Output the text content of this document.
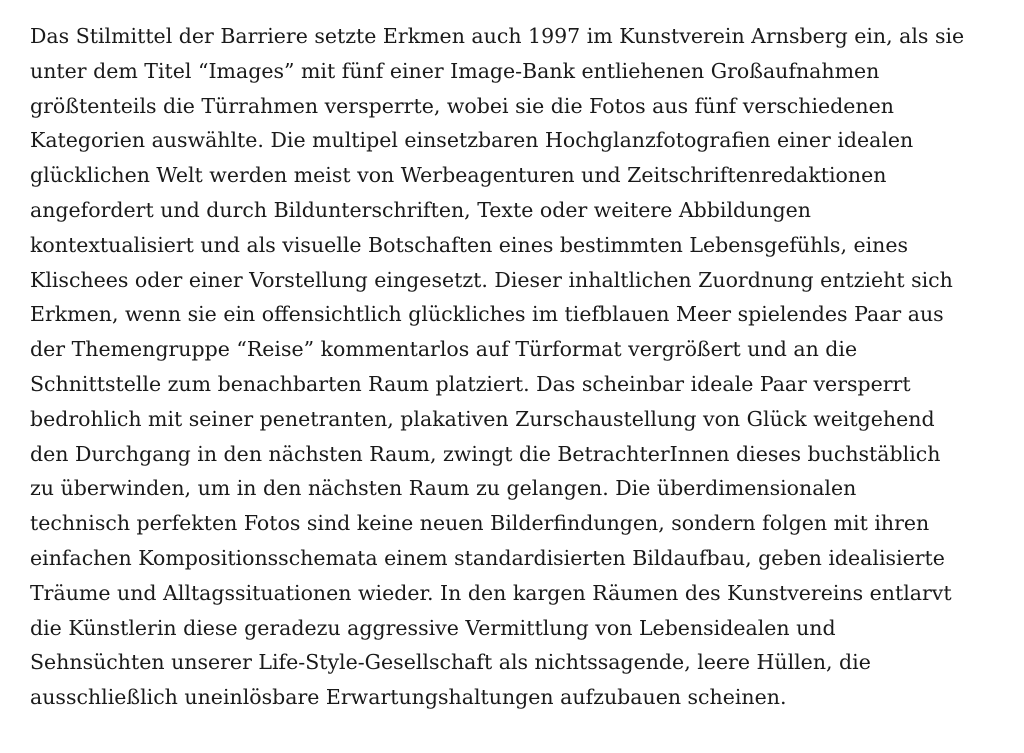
Das Stilmittel der Barriere setzte Erkmen auch 1997 im Kunstverein Arnsberg ein, als sie
unter dem Titel “Images” mit fünf einer Image-Bank entliehenen Großaufnahmen
größtenteils die Türrahmen versperrte, wobei sie die Fotos aus fünf verschiedenen
Kategorien auswählte. Die multipel einsetzbaren Hochglanzfotografien einer idealen
glücklichen Welt werden meist von Werbeagenturen und Zeitschriftenredaktionen
angefordert und durch Bildunterschriften, Texte oder weitere Abbildungen
kontextualisiert und als visuelle Botschaften eines bestimmten Lebensgefühls, eines
Klischees oder einer Vorstellung eingesetzt. Dieser inhaltlichen Zuordnung entzieht sich
Erkmen, wenn sie ein offensichtlich glückliches im tiefblauen Meer spielendes Paar aus
der Themengruppe “Reise” kommentarlos auf Türformat vergrößert und an die
Schnittstelle zum benachbarten Raum platziert. Das scheinbar ideale Paar versperrt
bedrohlich mit seiner penetranten, plakativen Zurschaustellung von Glück weitgehend
den Durchgang in den nächsten Raum, zwingt die BetrachterInnen dieses buchstäblich
zu überwinden, um in den nächsten Raum zu gelangen. Die überdimensionalen
technisch perfekten Fotos sind keine neuen Bilderfindungen, sondern folgen mit ihren
einfachen Kompositionsschemata einem standardisierten Bildaufbau, geben idealisierte
Träume und Alltagssituationen wieder. In den kargen Räumen des Kunstvereins entlarvt
die Künstlerin diese geradezu aggressive Vermittlung von Lebensidealen und
Sehnsüchten unserer Life-Style-Gesellschaft als nichtssagende, leere Hüllen, die
ausschließlich uneinlösbare Erwartungshaltungen aufzubauen scheinen.
